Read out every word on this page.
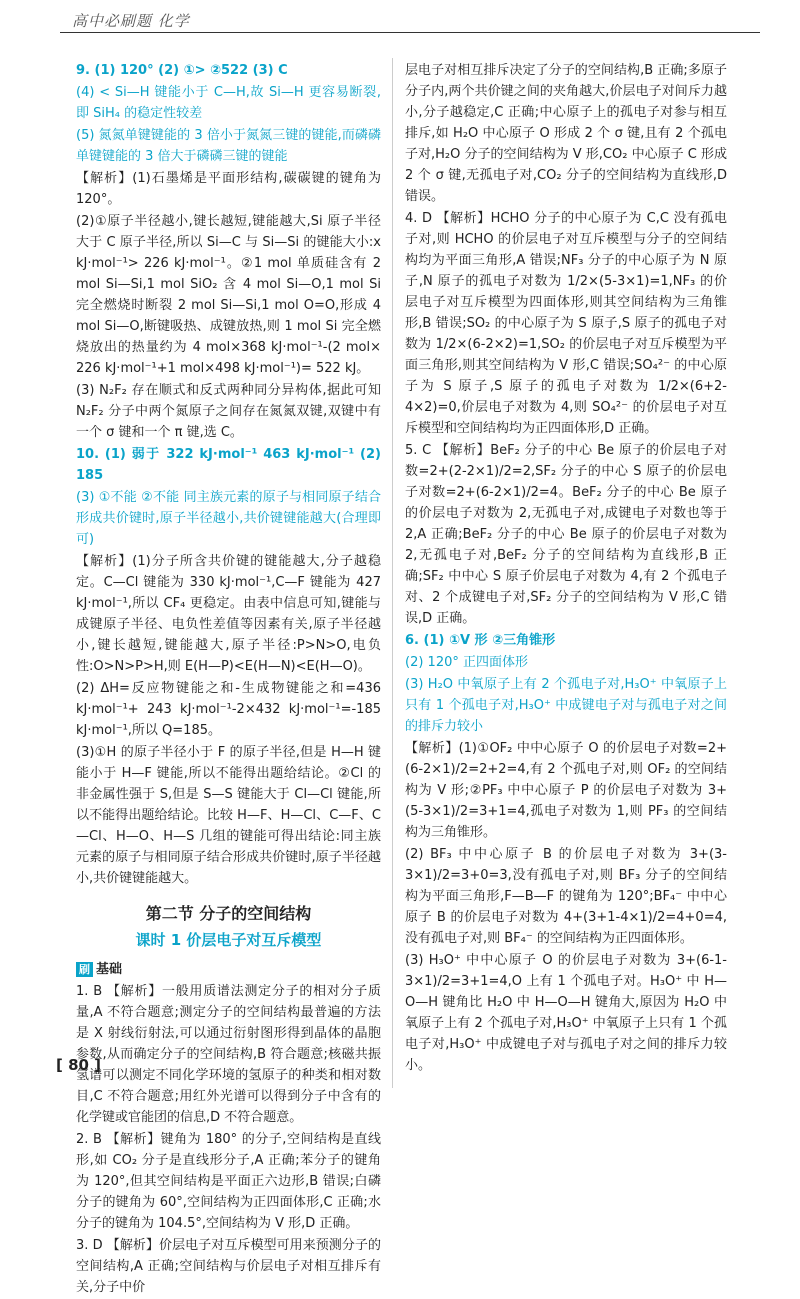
高中必刷题 化学

9. (1) 120° (2) ①> ②522 (3) C

(4) < Si—H 键能小于 C—H,故 Si—H 更容易断裂,即 SiH₄ 的稳定性较差

(5) 氮氮单键键能的 3 倍小于氮氮三键的键能,而磷磷单键键能的 3 倍大于磷磷三键的键能

【解析】(1)石墨烯是平面形结构,碳碳键的键角为 120°。

(2)①原子半径越小,键长越短,键能越大,Si 原子半径大于 C 原子半径,所以 Si—C 与 Si—Si 的键能大小:x kJ·mol⁻¹> 226 kJ·mol⁻¹。②1 mol 单质硅含有 2 mol Si—Si,1 mol SiO₂ 含 4 mol Si—O,1 mol Si 完全燃烧时断裂 2 mol Si—Si,1 mol O=O,形成 4 mol Si—O,断键吸热、成键放热,则 1 mol Si 完全燃烧放出的热量约为 4 mol×368 kJ·mol⁻¹-(2 mol× 226 kJ·mol⁻¹+1 mol×498 kJ·mol⁻¹)= 522 kJ。

(3) N₂F₂ 存在顺式和反式两种同分异构体,据此可知 N₂F₂ 分子中两个氮原子之间存在氮氮双键,双键中有一个 σ 键和一个 π 键,选 C。

10. (1) 弱于 322 kJ·mol⁻¹ 463 kJ·mol⁻¹ (2) 185

(3) ①不能 ②不能 同主族元素的原子与相同原子结合形成共价键时,原子半径越小,共价键键能越大(合理即可)

【解析】(1)分子所含共价键的键能越大,分子越稳定。C—Cl 键能为 330 kJ·mol⁻¹,C—F 键能为 427 kJ·mol⁻¹,所以 CF₄ 更稳定。由表中信息可知,键能与成键原子半径、电负性差值等因素有关,原子半径越小,键长越短,键能越大,原子半径:P>N>O,电负性:O>N>P>H,则 E(H—P)<E(H—N)<E(H—O)。

(2) ΔH=反应物键能之和-生成物键能之和=436 kJ·mol⁻¹+ 243 kJ·mol⁻¹-2×432 kJ·mol⁻¹=-185 kJ·mol⁻¹,所以 Q=185。

(3)①H 的原子半径小于 F 的原子半径,但是 H—H 键能小于 H—F 键能,所以不能得出题给结论。②Cl 的非金属性强于 S,但是 S—S 键能大于 Cl—Cl 键能,所以不能得出题给结论。比较 H—F、H—Cl、C—F、C—Cl、H—O、H—S 几组的键能可得出结论:同主族元素的原子与相同原子结合形成共价键时,原子半径越小,共价键键能越大。

第二节 分子的空间结构
课时 1 价层电子对互斥模型

刷 基础

1. B 【解析】一般用质谱法测定分子的相对分子质量,A 不符合题意;测定分子的空间结构最普遍的方法是 X 射线衍射法,可以通过衍射图形得到晶体的晶胞参数,从而确定分子的空间结构,B 符合题意;核磁共振氢谱可以测定不同化学环境的氢原子的种类和相对数目,C 不符合题意;用红外光谱可以得到分子中含有的化学键或官能团的信息,D 不符合题意。

2. B 【解析】键角为 180° 的分子,空间结构是直线形,如 CO₂ 分子是直线形分子,A 正确;苯分子的键角为 120°,但其空间结构是平面正六边形,B 错误;白磷分子的键角为 60°,空间结构为正四面体形,C 正确;水分子的键角为 104.5°,空间结构为 V 形,D 正确。

3. D 【解析】价层电子对互斥模型可用来预测分子的空间结构,A 正确;空间结构与价层电子对相互排斥有关,分子中价

层电子对相互排斥决定了分子的空间结构,B 正确;多原子分子内,两个共价键之间的夹角越大,价层电子对间斥力越小,分子越稳定,C 正确;中心原子上的孤电子对参与相互排斥,如 H₂O 中心原子 O 形成 2 个 σ 键,且有 2 个孤电子对,H₂O 分子的空间结构为 V 形,CO₂ 中心原子 C 形成 2 个 σ 键,无孤电子对,CO₂ 分子的空间结构为直线形,D 错误。

4. D 【解析】HCHO 分子的中心原子为 C,C 没有孤电子对,则 HCHO 的价层电子对互斥模型与分子的空间结构均为平面三角形,A 错误;NF₃ 分子的中心原子为 N 原子,N 原子的孤电子对数为 1/2×(5-3×1)=1,NF₃ 的价层电子对互斥模型为四面体形,则其空间结构为三角锥形,B 错误;SO₂ 的中心原子为 S 原子,S 原子的孤电子对数为 1/2×(6-2×2)=1,SO₂ 的价层电子对互斥模型为平面三角形,则其空间结构为 V 形,C 错误;SO₄²⁻ 的中心原子为 S 原子,S 原子的孤电子对数为 1/2×(6+2-4×2)=0,价层电子对数为 4,则 SO₄²⁻ 的价层电子对互斥模型和空间结构均为正四面体形,D 正确。

5. C 【解析】BeF₂ 分子的中心 Be 原子的价层电子对数=2+(2-2×1)/2=2,SF₂ 分子的中心 S 原子的价层电子对数=2+(6-2×1)/2=4。BeF₂ 分子的中心 Be 原子的价层电子对数为 2,无孤电子对,成键电子对数也等于 2,A 正确;BeF₂ 分子的中心 Be 原子的价层电子对数为 2,无孤电子对,BeF₂ 分子的空间结构为直线形,B 正确;SF₂ 中中心 S 原子价层电子对数为 4,有 2 个孤电子对、2 个成键电子对,SF₂ 分子的空间结构为 V 形,C 错误,D 正确。

6. (1) ①V 形 ②三角锥形

(2) 120° 正四面体形

(3) H₂O 中氧原子上有 2 个孤电子对,H₃O⁺ 中氧原子上只有 1 个孤电子对,H₃O⁺ 中成键电子对与孤电子对之间的排斥力较小

【解析】(1)①OF₂ 中中心原子 O 的价层电子对数=2+(6-2×1)/2=2+2=4,有 2 个孤电子对,则 OF₂ 的空间结构为 V 形;②PF₃ 中中心原子 P 的价层电子对数为 3+(5-3×1)/2=3+1=4,孤电子对数为 1,则 PF₃ 的空间结构为三角锥形。

(2) BF₃ 中中心原子 B 的价层电子对数为 3+(3-3×1)/2=3+0=3,没有孤电子对,则 BF₃ 分子的空间结构为平面三角形,F—B—F 的键角为 120°;BF₄⁻ 中中心原子 B 的价层电子对数为 4+(3+1-4×1)/2=4+0=4,没有孤电子对,则 BF₄⁻ 的空间结构为正四面体形。

(3) H₃O⁺ 中中心原子 O 的价层电子对数为 3+(6-1-3×1)/2=3+1=4,O 上有 1 个孤电子对。H₃O⁺ 中 H—O—H 键角比 H₂O 中 H—O—H 键角大,原因为 H₂O 中氧原子上有 2 个孤电子对,H₃O⁺ 中氧原子上只有 1 个孤电子对,H₃O⁺ 中成键电子对与孤电子对之间的排斥力较小。

[ 80 ]
